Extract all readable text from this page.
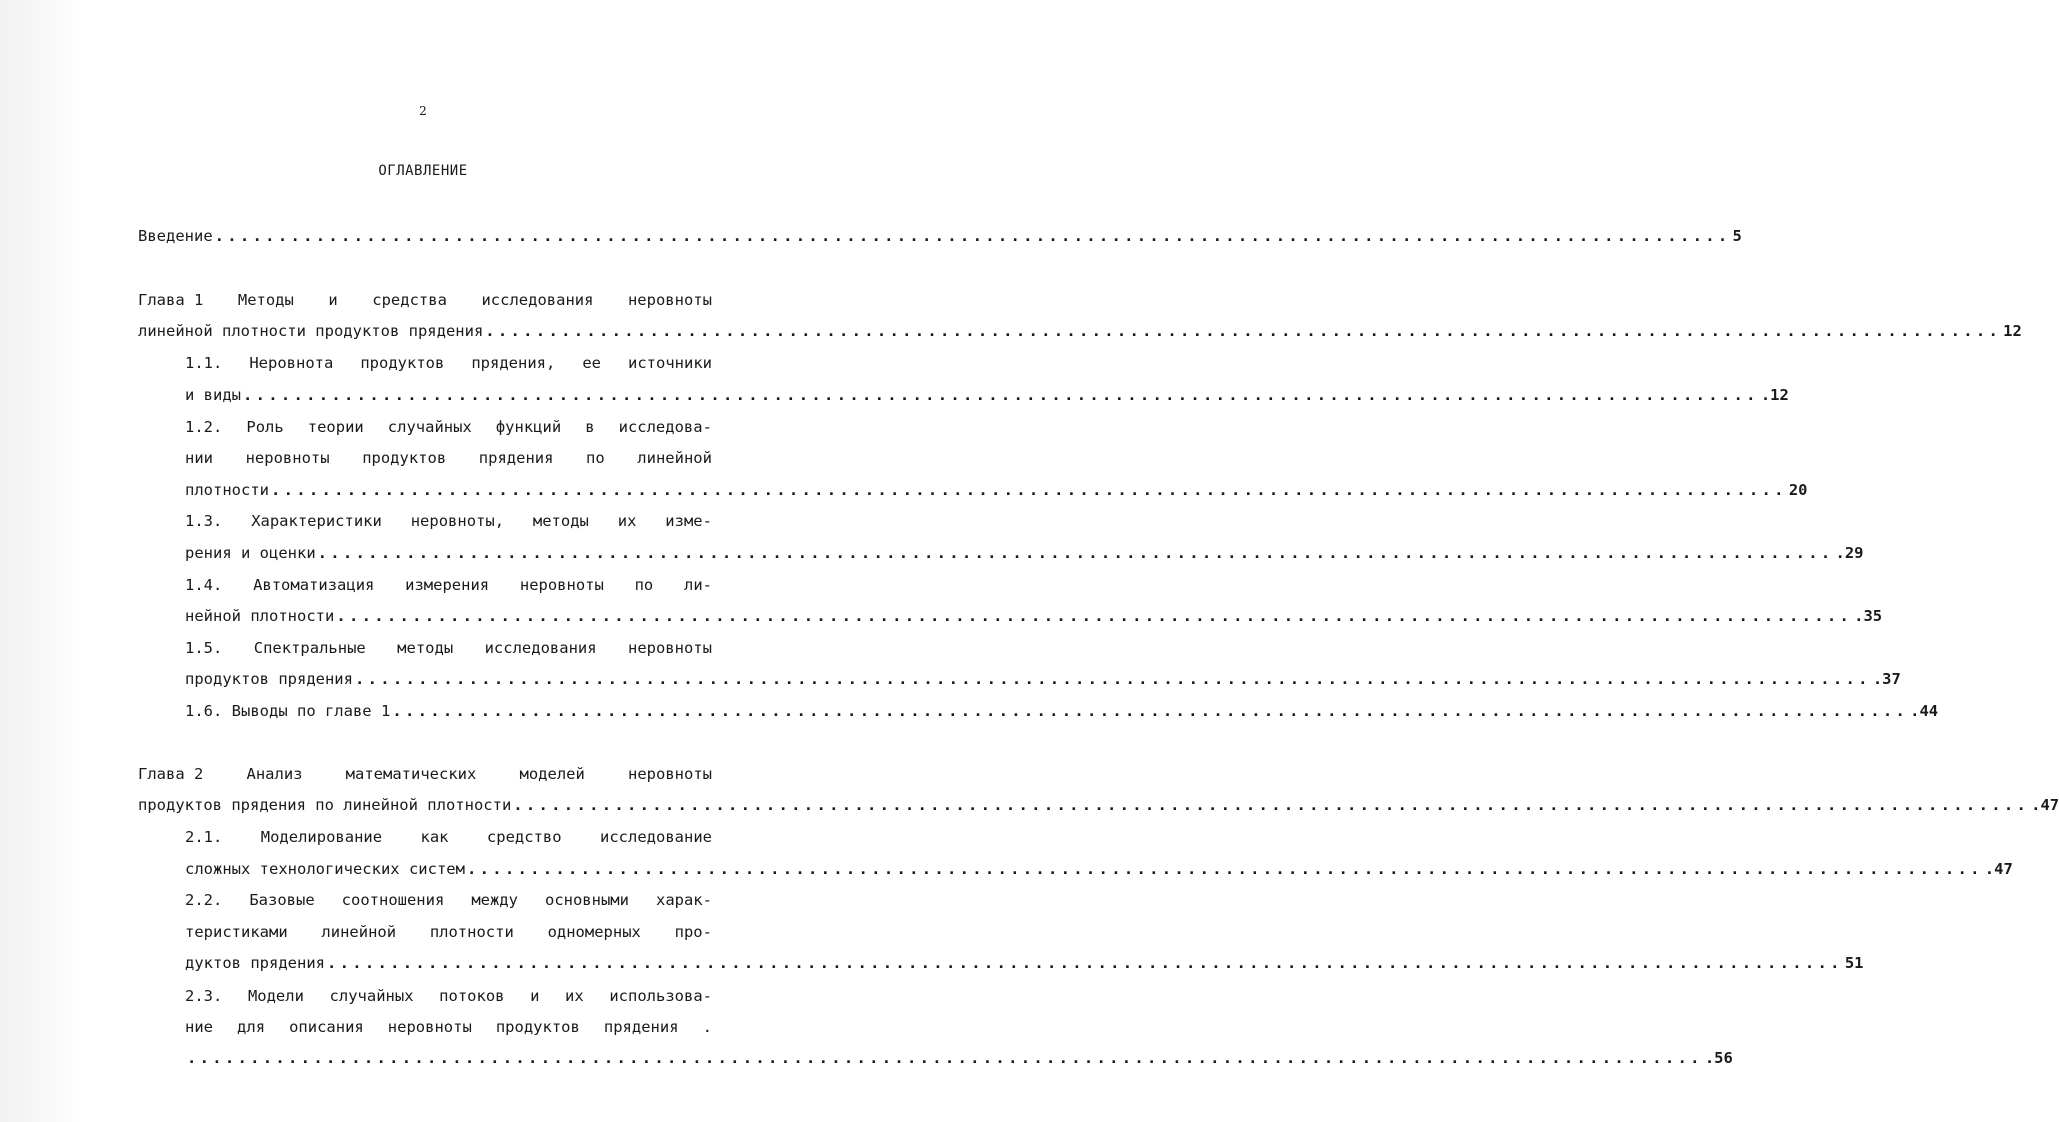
2
ОГЛАВЛЕНИЕ
Введение ........................................................................................................................ 5
Глава 1 Методы и средства исследования неровноты
линейной плотности продуктов прядения ........................................................................................................................ 12
1.1. Неровнота продуктов прядения, ее источники
и виды ........................................................................................................................ .12
1.2. Роль теории случайных функций в исследова-
нии неровноты продуктов прядения по линейной
плотности ........................................................................................................................ 20
1.3. Характеристики неровноты, методы их изме-
рения и оценки ........................................................................................................................ .29
1.4. Автоматизация измерения неровноты по ли-
нейной плотности ........................................................................................................................ .35
1.5. Спектральные методы исследования неровноты
продуктов прядения ........................................................................................................................ .37
1.6. Выводы по главе 1 ........................................................................................................................ .44
Глава 2	Анализ	математических	моделей	неровноты
продуктов прядения по линейной плотности ........................................................................................................................ .47
2.1. Моделирование как средство исследование
сложных технологических систем ........................................................................................................................ .47
2.2. Базовые соотношения между основными харак-
теристиками линейной плотности одномерных про-
дуктов прядения ........................................................................................................................ 51
2.3. Модели случайных потоков и их использова-
ние для описания неровноты продуктов прядения .
........................................................................................................................ .56
